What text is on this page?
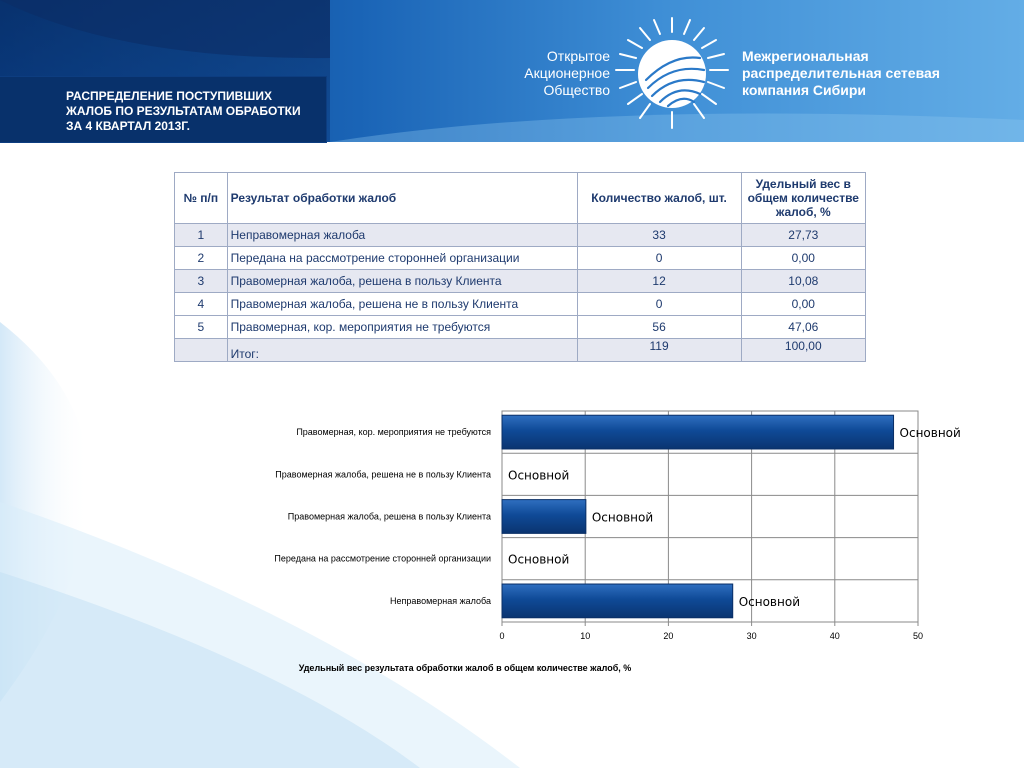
РАСПРЕДЕЛЕНИЕ ПОСТУПИВШИХ ЖАЛОБ ПО РЕЗУЛЬТАТАМ ОБРАБОТКИ ЗА 4 КВАРТАЛ 2013Г.
Открытое
Акционерное
Общество
Межрегиональная
распределительная сетевая
компания Сибири
№ п/п	Результат обработки жалоб	Количество жалоб, шт.	Удельный вес в общем количестве жалоб, %
1	Неправомерная жалоба	33	27,73
2	Передана на рассмотрение сторонней организации	0	0,00
3	Правомерная жалоба, решена в пользу Клиента	12	10,08
4	Правомерная жалоба, решена не в пользу Клиента	0	0,00
5	Правомерная, кор. мероприятия не требуются	56	47,06
	Итог:	119	100,00
0	10	20	30	40	50
Правомерная, кор. мероприятия не требуются	Основной
Правомерная жалоба, решена не в пользу Клиента Основной
Правомерная жалоба, решена в пользу Клиента	Основной
Передана на рассмотрение сторонней организации Основной
Неправомерная жалоба	Основной
Удельный вес результата обработки жалоб в общем количестве жалоб, %
